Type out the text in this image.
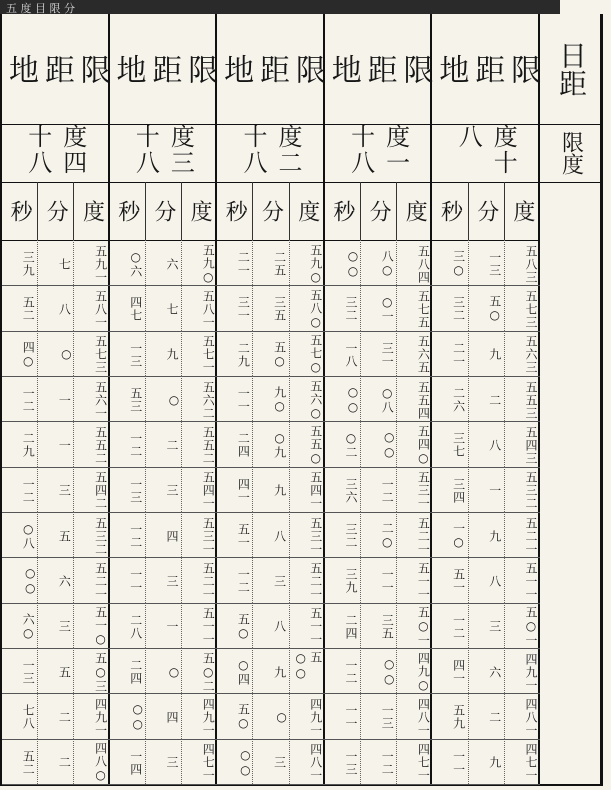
五 度 目 限 分
日距
限度
限
距
地
度十八
度
分
秒
五八三
一三
三○
五七三
五○
三二
五六三
九
二一
五五三
二
二六
五四三
八
三七
五三二
一
三四
五二一
九
一○
五一一
八
五一
五○一
三
一二
四九一
六
四一
四八一
二
五九
四七一
九
一一
限
距
地
度一十八
度
分
秒
五八四
八○
○○
五七五
○一
三二
五六五
三一
一八
五五四
○八
○○
五四○
○○
○二
五三一
一二
三六
五二一
二○
三二
五一一
一一
三九
五○一
三五
二四
四九○
○○
一二
四八一
一三
一一
四七一
一二
一三
限
距
地
度二十八
度
分
秒
五九○
二五
二一
五八○
三五
三一
五七○
五○
二九
五六○
九○
一一
五五○
○九
二四
五四一
九
四一
五三一
八
五一
五二一
三
一二
五一一
八
五○
五○○
九
○四
四九一
○
五○
四八一
三
○○
限
距
地
度三十八
度
分
秒
五九○
六
○六
五八一
七
四七
五七一
九
一三
五六二
○
五三
五五二
二
一二
五四一
三
一三
五三一
四
一二
五二一
三
一一
五一一
一
二八
五○二
○
二四
四九一
四
○○
四七一
三
一四
限
距
地
度四十八
度
分
秒
五九一
七
三九
五八一
八
五二
五七三
○
四○
五六一
一
一二
五五二
一
二九
五四二
三
一二
五三二
五
○八
五二一
六
○○
五一○
三
六○
五○三
五
一三
四九一
二
七八
四八○
二
五二
